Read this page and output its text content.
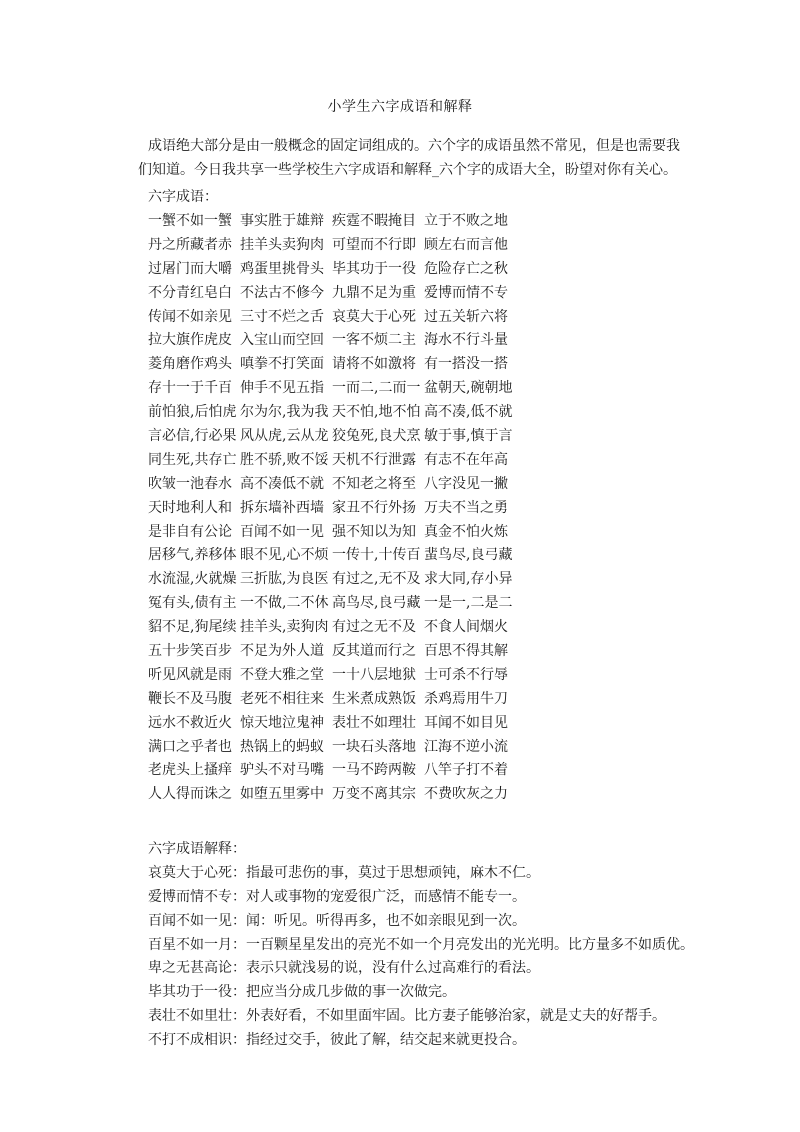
小学生六字成语和解释

成语绝大部分是由一般概念的固定词组成的。六个字的成语虽然不常见，但是也需要我

们知道。今日我共享一些学校生六字成语和解释_六个字的成语大全，盼望对你有关心。

六字成语：
一蟹不如一蟹 事实胜于雄辩 疾霆不暇掩目 立于不败之地
丹之所藏者赤 挂羊头卖狗肉 可望而不行即 顾左右而言他
过屠门而大嚼 鸡蛋里挑骨头 毕其功于一役 危险存亡之秋
不分青红皂白 不法古不修今 九鼎不足为重 爱博而情不专
传闻不如亲见 三寸不烂之舌 哀莫大于心死 过五关斩六将
拉大旗作虎皮 入宝山而空回 一客不烦二主 海水不行斗量
菱角磨作鸡头 嗔拳不打笑面 请将不如激将 有一搭没一搭
存十一于千百 伸手不见五指 一而二,二而一 盆朝天,碗朝地
前怕狼,后怕虎 尔为尔,我为我 天不怕,地不怕 高不凑,低不就
言必信,行必果 风从虎,云从龙 狡兔死,良犬烹 敏于事,慎于言
同生死,共存亡 胜不骄,败不馁 天机不行泄露 有志不在年高
吹皱一池春水 高不凑低不就 不知老之将至 八字没见一撇
天时地利人和 拆东墙补西墙 家丑不行外扬 万夫不当之勇
是非自有公论 百闻不如一见 强不知以为知 真金不怕火炼
居移气,养移体 眼不见,心不烦 一传十,十传百 蜚鸟尽,良弓藏
水流湿,火就燥 三折肱,为良医 有过之,无不及 求大同,存小异
冤有头,债有主 一不做,二不休 高鸟尽,良弓藏 一是一,二是二
貂不足,狗尾续 挂羊头,卖狗肉 有过之无不及 不食人间烟火
五十步笑百步 不足为外人道 反其道而行之 百思不得其解
听见风就是雨 不登大雅之堂 一十八层地狱 士可杀不行辱
鞭长不及马腹 老死不相往来 生米煮成熟饭 杀鸡焉用牛刀
远水不救近火 惊天地泣鬼神 表壮不如理壮 耳闻不如目见
满口之乎者也 热锅上的蚂蚁 一块石头落地 江海不逆小流
老虎头上搔痒 驴头不对马嘴 一马不跨两鞍 八竿子打不着
人人得而诛之 如堕五里雾中 万变不离其宗 不费吹灰之力
六字成语解释：
哀莫大于心死：指最可悲伤的事，莫过于思想顽钝，麻木不仁。
爱博而情不专：对人或事物的宠爱很广泛，而感情不能专一。
百闻不如一见：闻：听见。听得再多，也不如亲眼见到一次。
百星不如一月：一百颗星星发出的亮光不如一个月亮发出的光光明。比方量多不如质优。
卑之无甚高论：表示只就浅易的说，没有什么过高难行的看法。
毕其功于一役：把应当分成几步做的事一次做完。
表壮不如里壮：外表好看，不如里面牢固。比方妻子能够治家，就是丈夫的好帮手。
不打不成相识：指经过交手，彼此了解，结交起来就更投合。
